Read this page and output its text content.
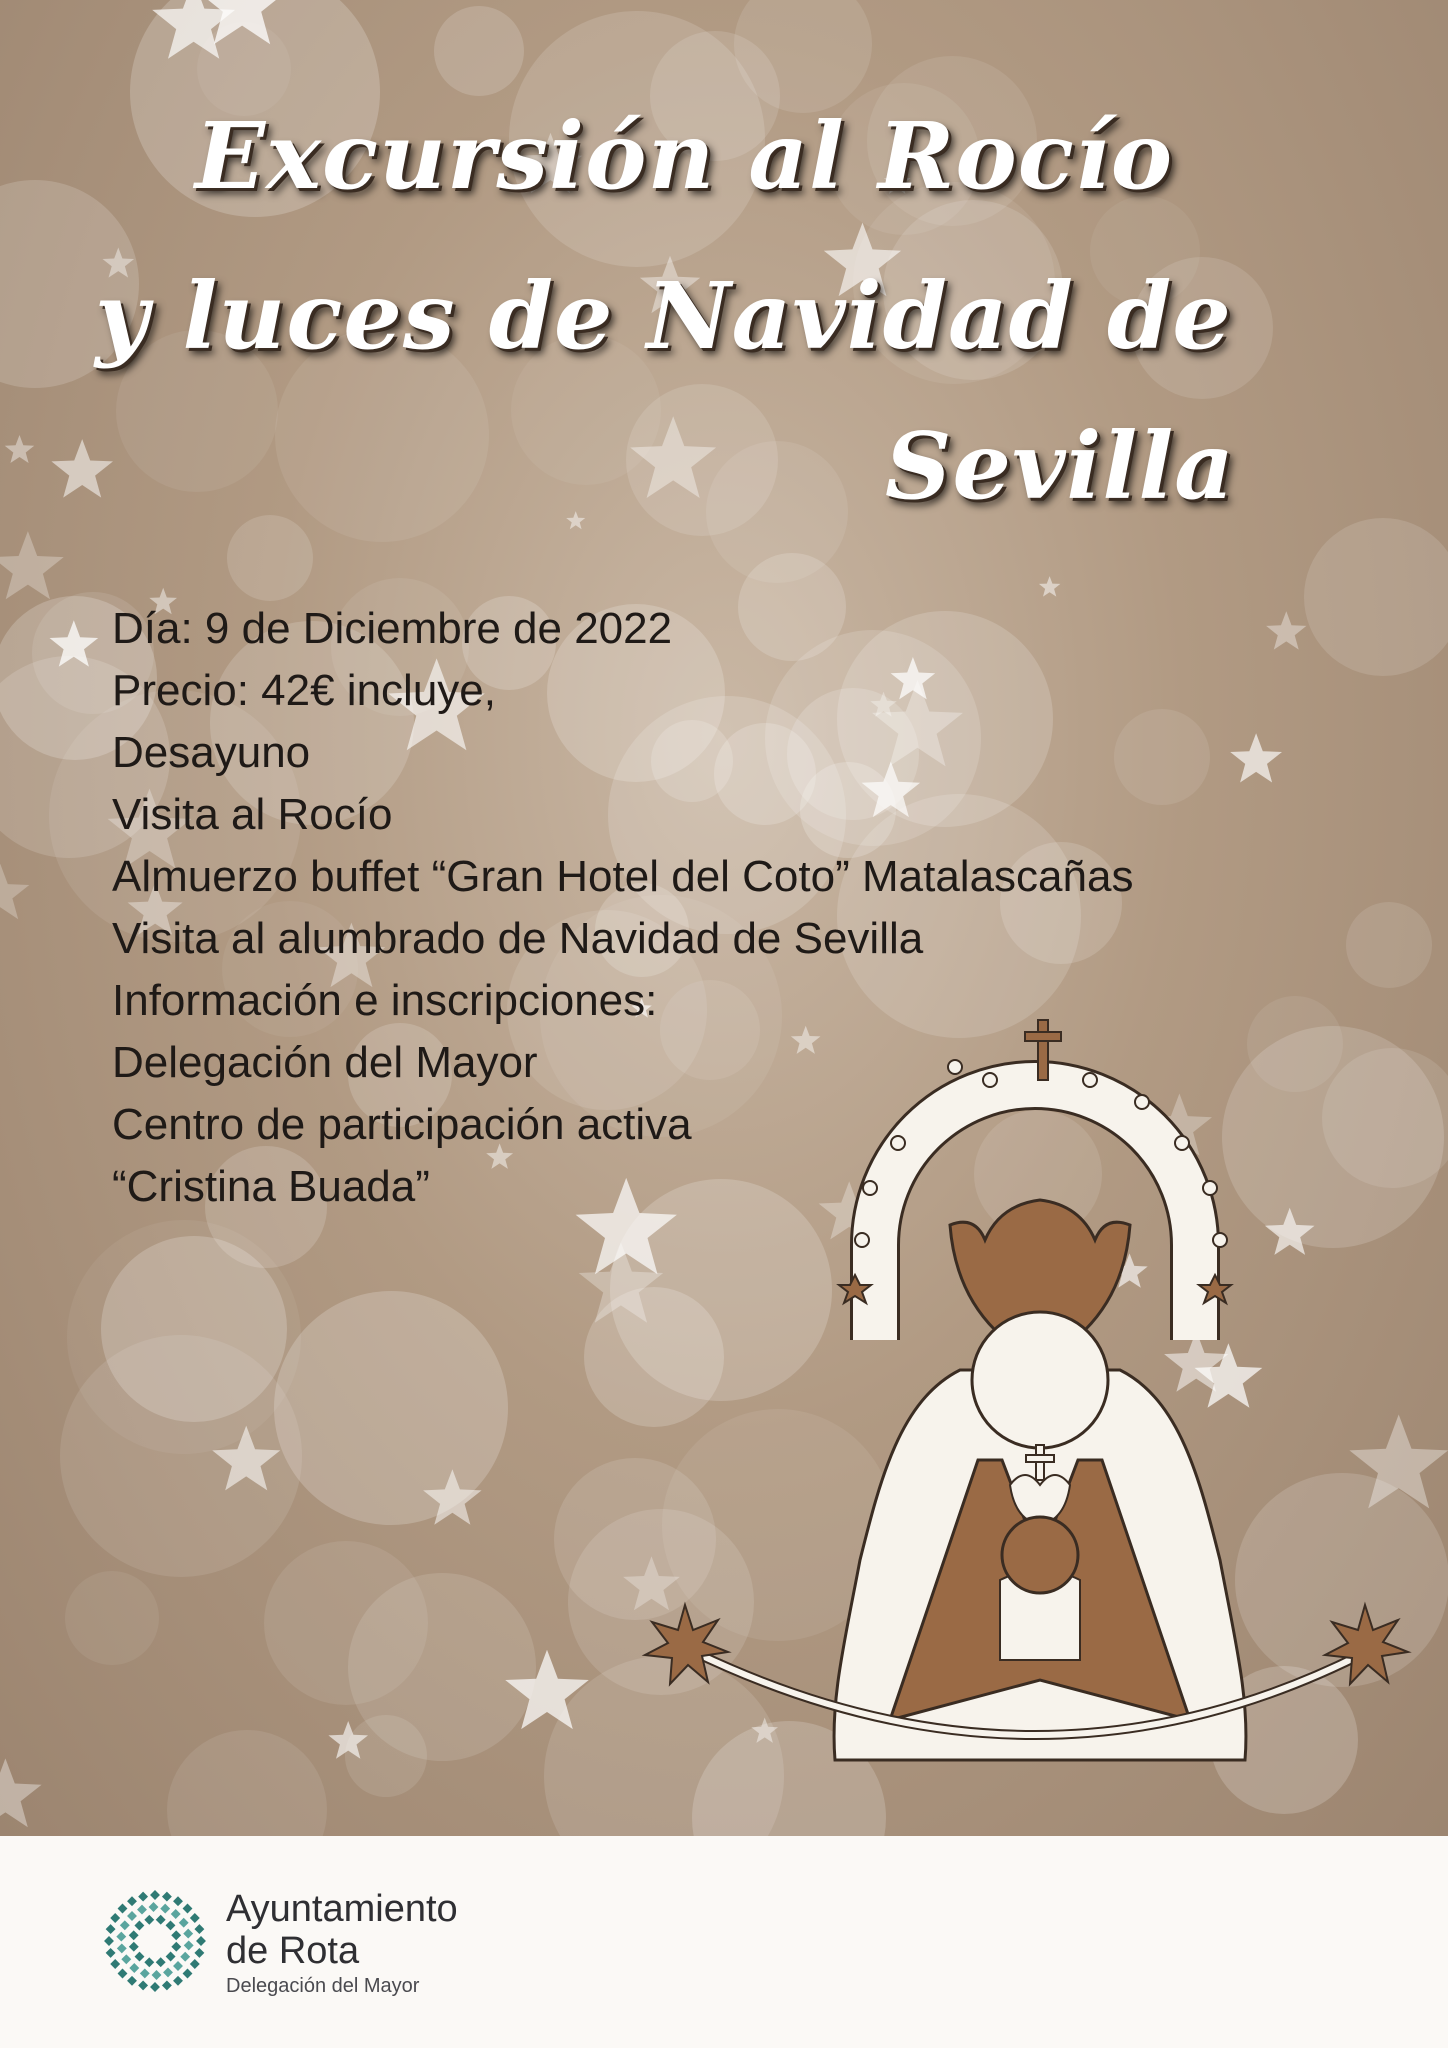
Excursión al Rocío
y luces de Navidad de
Sevilla
Día: 9 de Diciembre de 2022
Precio: 42€ incluye,
Desayuno
Visita al Rocío
Almuerzo buffet “Gran Hotel del Coto” Matalascañas
Visita al alumbrado de Navidad de Sevilla
Información e inscripciones:
Delegación del Mayor
Centro de participación activa
“Cristina Buada”

Ayuntamiento

de Rota

Delegación del Mayor
